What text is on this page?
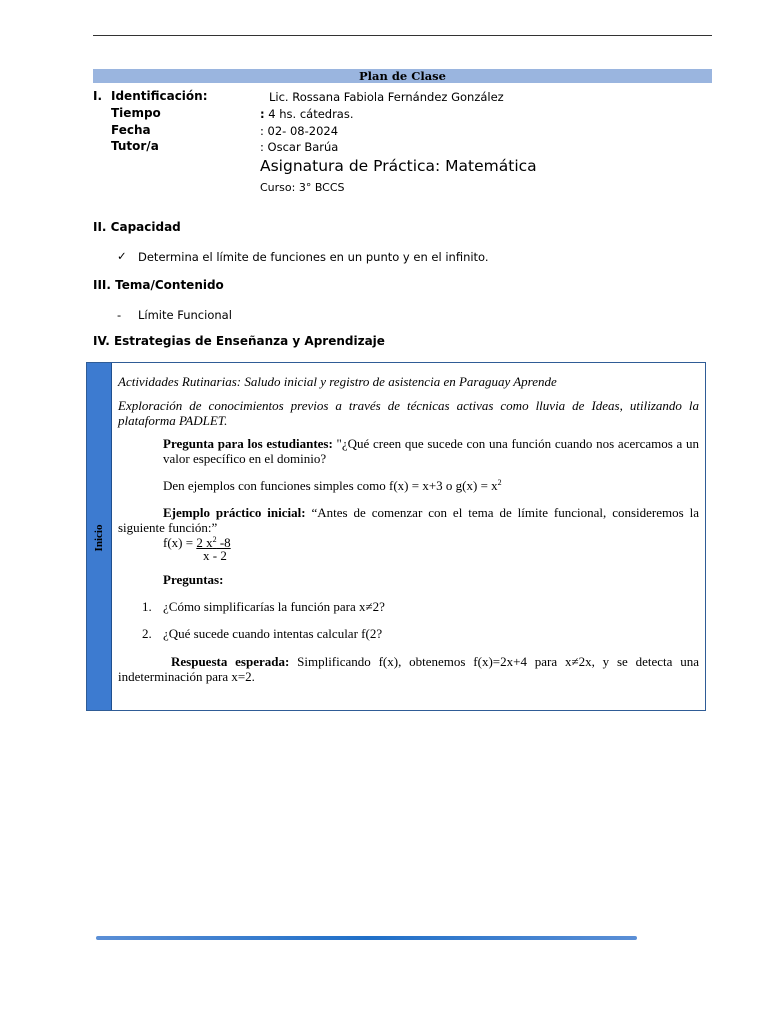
Plan de Clase
I. Identificación:	Lic. Rossana Fabiola Fernández González
Tiempo	: 4 hs. cátedras.
Fecha	: 02- 08-2024
Tutor/a	: Oscar Barúa
Asignatura de Práctica: Matemática
Curso: 3° BCCS
II. Capacidad
✓ Determina el límite de funciones en un punto y en el infinito.
III. Tema/Contenido
- Límite Funcional
IV. Estrategias de Enseñanza y Aprendizaje
Inicio
Actividades Rutinarias: Saludo inicial y registro de asistencia en Paraguay Aprende
Exploración de conocimientos previos a través de técnicas activas como lluvia de Ideas, utilizando la plataforma PADLET.
Pregunta para los estudiantes: "¿Qué creen que sucede con una función cuando nos acercamos a un valor específico en el dominio?
Den ejemplos con funciones simples como f(x) = x+3 o $g(x) = x^2$
Ejemplo práctico inicial: “Antes de comenzar con el tema de límite funcional, consideremos la siguiente función:”
f(x) = 2 $x^2$ -8
x - 2
Preguntas:
1. ¿Cómo simplificarías la función para x≠2?
2. ¿Qué sucede cuando intentas calcular f(2?
Respuesta esperada: Simplificando f(x), obtenemos f(x)=2x+4 para x≠2x, y se detecta una indeterminación para x=2.
